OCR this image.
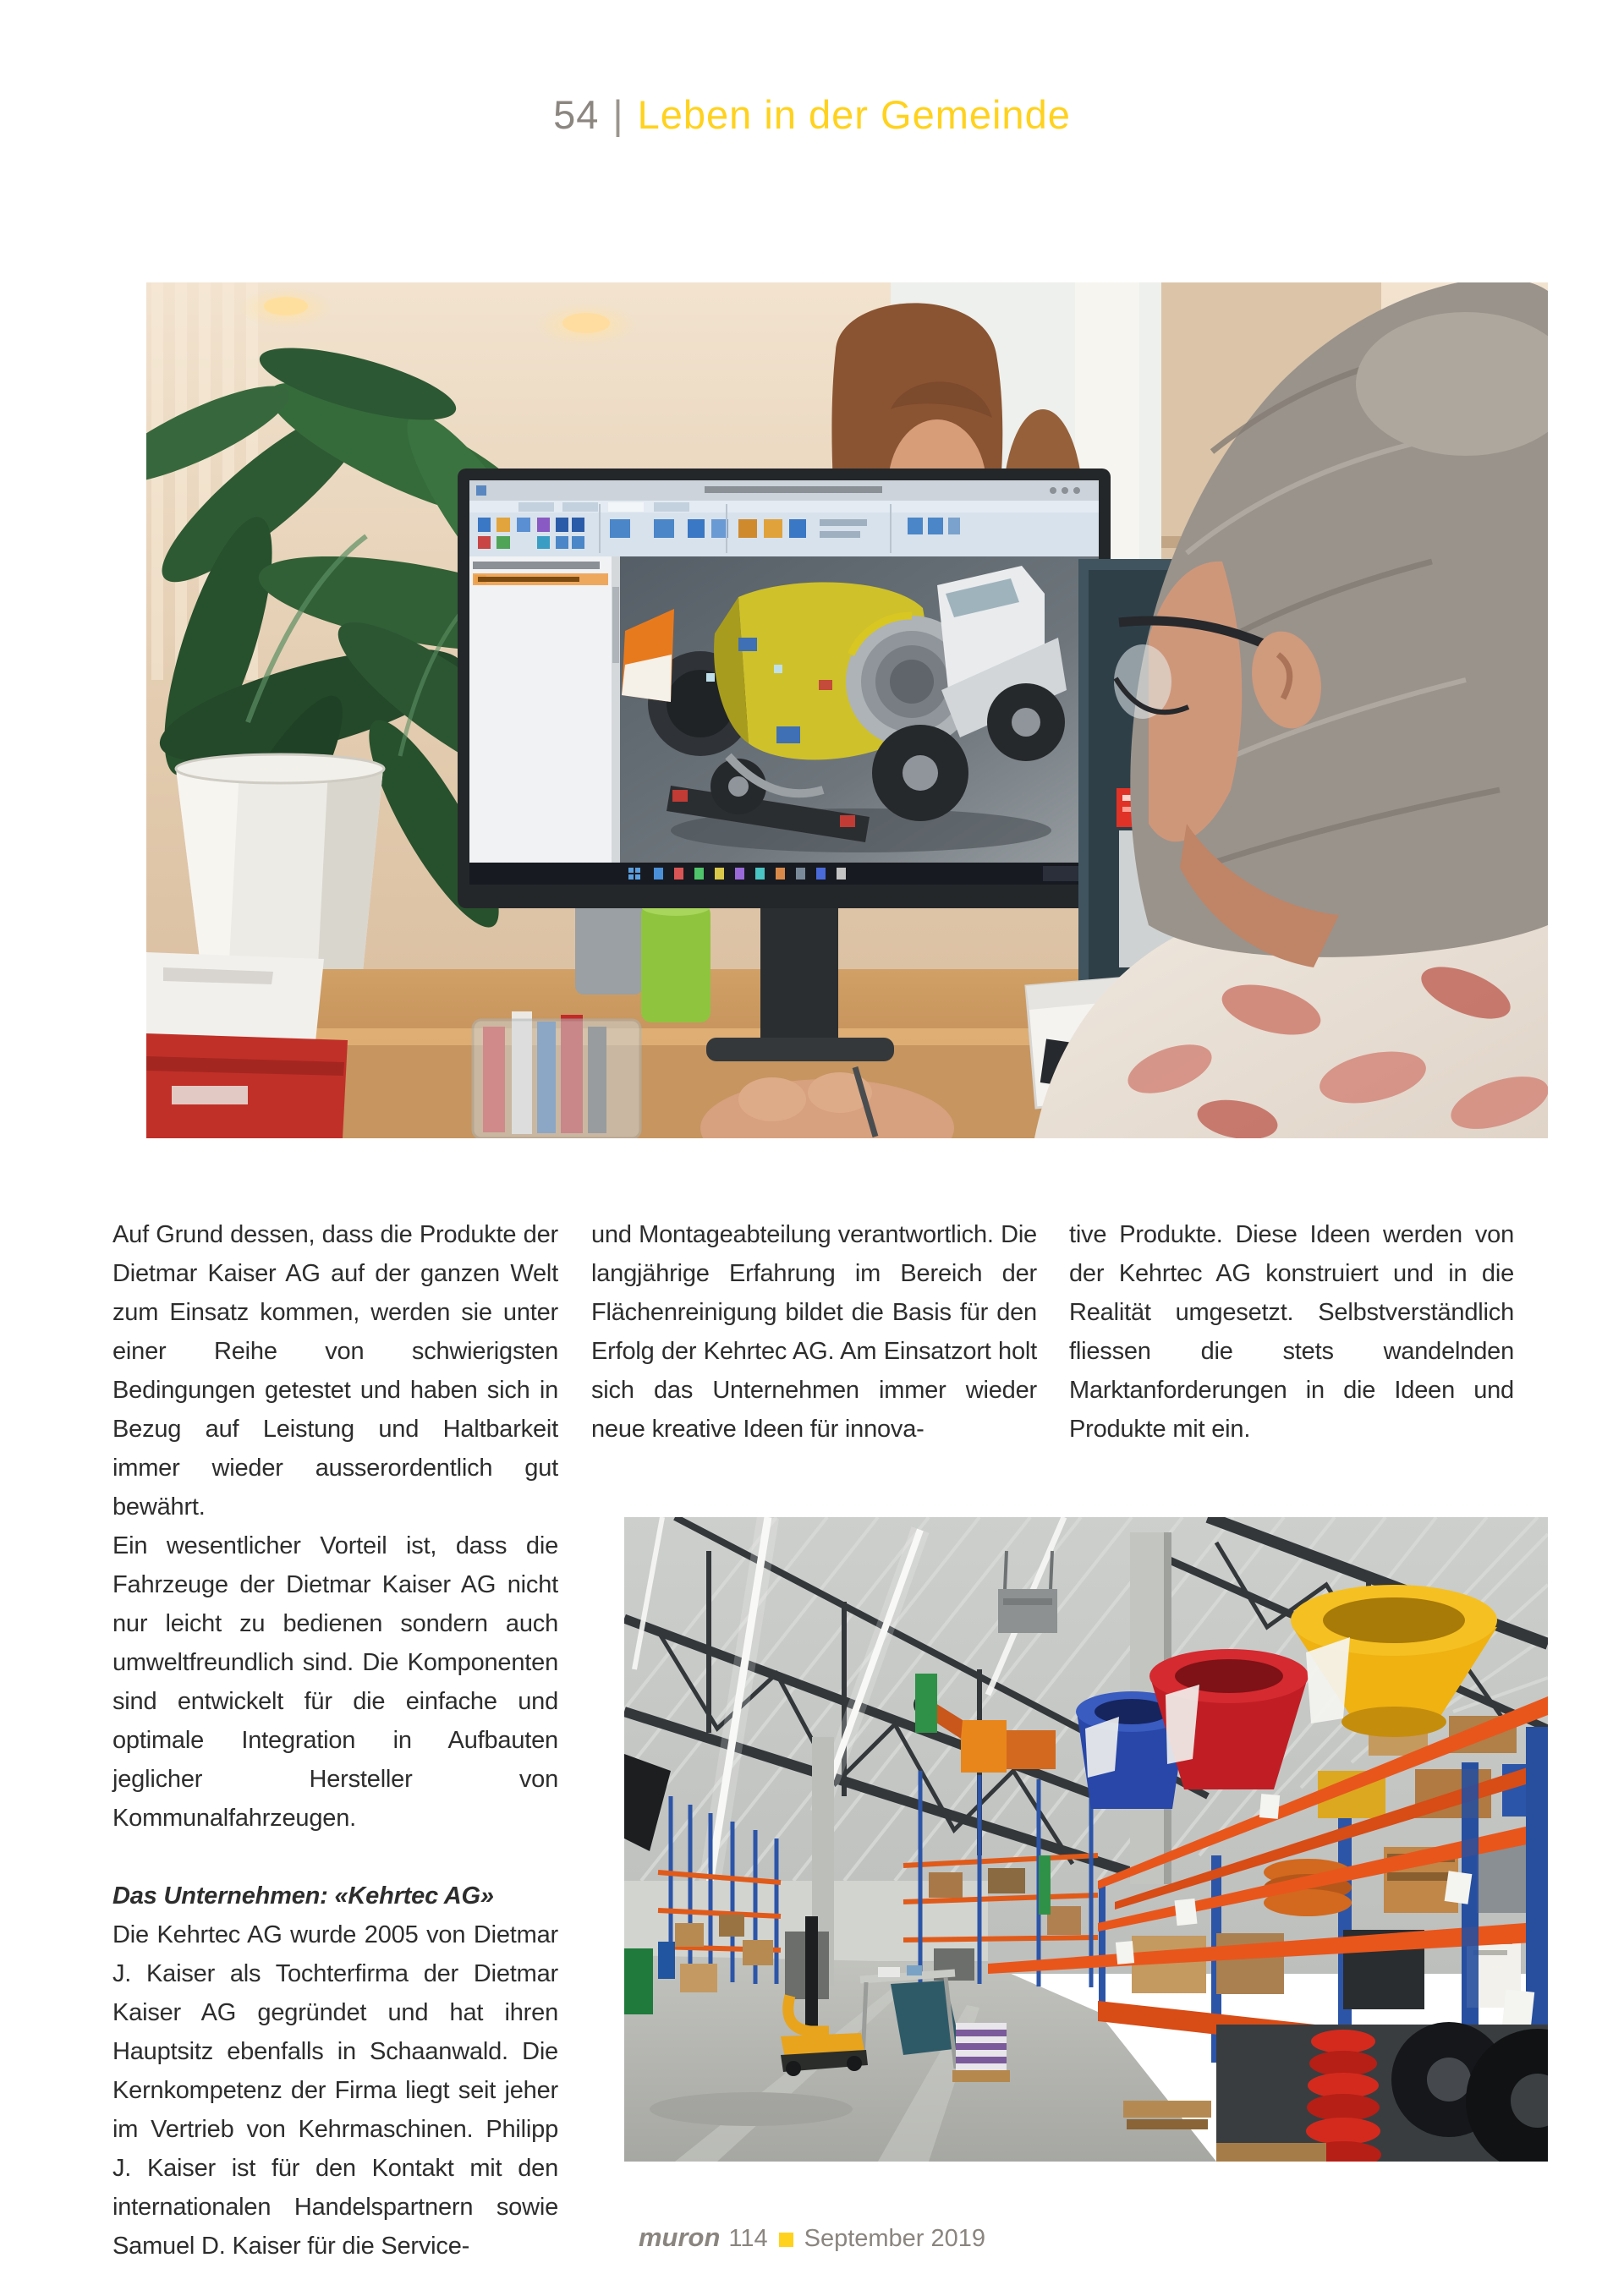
54 | Leben in der Gemeinde

Auf Grund dessen, dass die Produkte der Dietmar Kaiser AG auf der ganzen Welt zum Einsatz kommen, werden sie unter einer Reihe von schwierigsten Bedingungen getestet und haben sich in Bezug auf Leistung und Haltbarkeit immer wieder ausserordentlich gut bewährt.

Ein wesentlicher Vorteil ist, dass die Fahrzeuge der Dietmar Kaiser AG nicht nur leicht zu bedienen sondern auch umweltfreundlich sind. Die Komponenten sind entwickelt für die einfache und optimale Integration in Aufbauten jeglicher Hersteller von Kommunalfahrzeugen.

Das Unternehmen: «Kehrtec AG»

Die Kehrtec AG wurde 2005 von Dietmar J. Kaiser als Tochterfirma der Dietmar Kaiser AG gegründet und hat ihren Hauptsitz ebenfalls in Schaanwald. Die Kernkompetenz der Firma liegt seit jeher im Vertrieb von Kehrmaschinen. Philipp J. Kaiser ist für den Kontakt mit den internationalen Handelspartnern sowie Samuel D. Kaiser für die Service-

und Montageabteilung verantwortlich. Die langjährige Erfahrung im Bereich der Flächenreinigung bildet die Basis für den Erfolg der Kehrtec AG. Am Einsatzort holt sich das Unternehmen immer wieder neue kreative Ideen für innova-

tive Produkte. Diese Ideen werden von der Kehrtec AG konstruiert und in die Realität umgesetzt. Selbstverständlich fliessen die stets wandelnden Marktanforderungen in die Ideen und Produkte mit ein.

muron 114 September 2019
